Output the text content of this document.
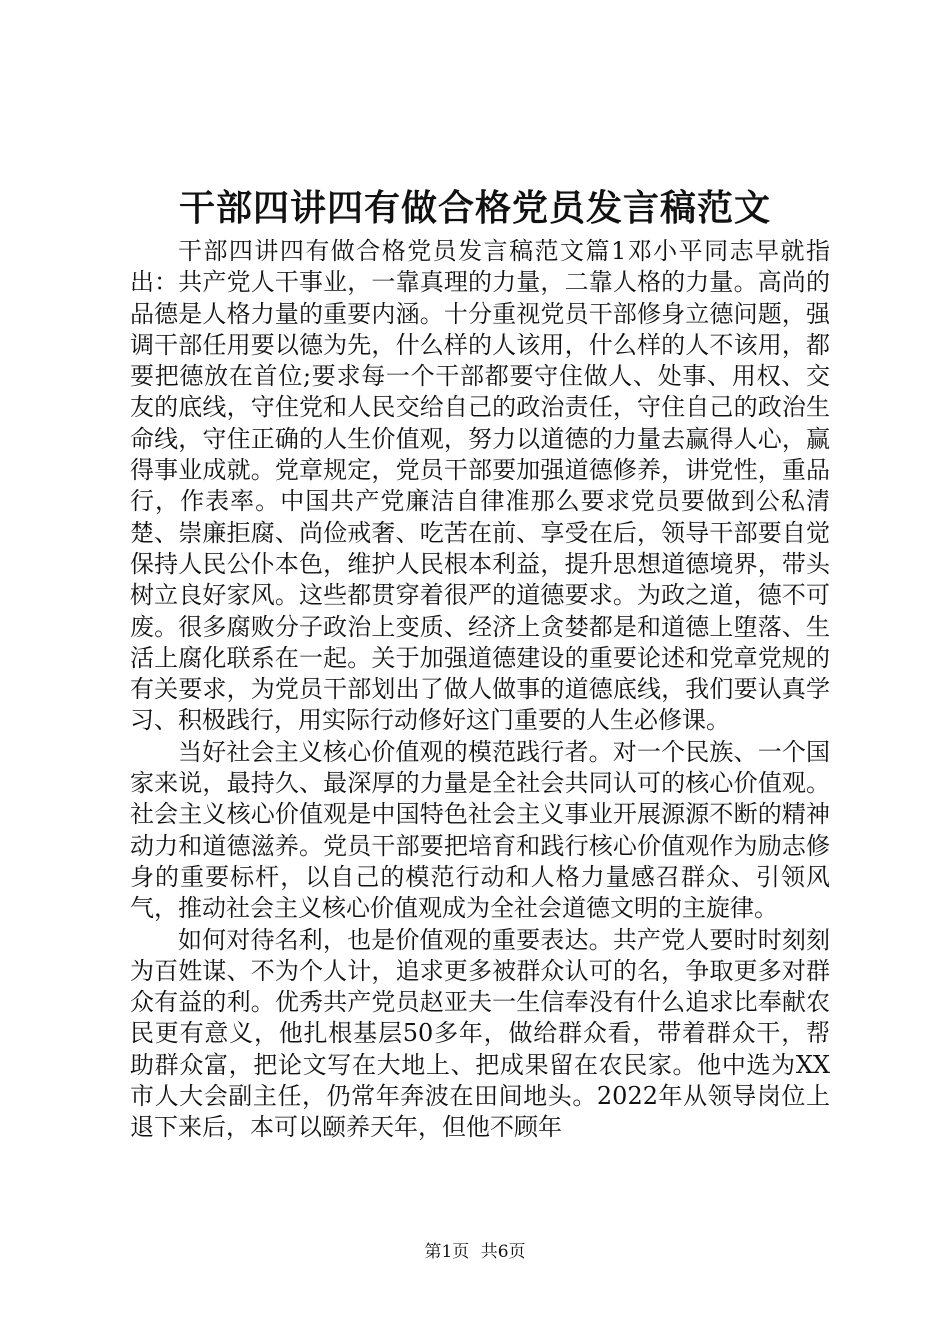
干部四讲四有做合格党员发言稿范文

干部四讲四有做合格党员发言稿范文篇1邓小平同志早就指出：共产党人干事业，一靠真理的力量，二靠人格的力量。高尚的品德是人格力量的重要内涵。十分重视党员干部修身立德问题，强调干部任用要以德为先，什么样的人该用，什么样的人不该用，都要把德放在首位;要求每一个干部都要守住做人、处事、用权、交友的底线，守住党和人民交给自己的政治责任，守住自己的政治生命线，守住正确的人生价值观，努力以道德的力量去赢得人心，赢得事业成就。党章规定，党员干部要加强道德修养，讲党性，重品行，作表率。中国共产党廉洁自律准那么要求党员要做到公私清楚、崇廉拒腐、尚俭戒奢、吃苦在前、享受在后，领导干部要自觉保持人民公仆本色，维护人民根本利益，提升思想道德境界，带头树立良好家风。这些都贯穿着很严的道德要求。为政之道，德不可废。很多腐败分子政治上变质、经济上贪婪都是和道德上堕落、生活上腐化联系在一起。关于加强道德建设的重要论述和党章党规的有关要求，为党员干部划出了做人做事的道德底线，我们要认真学习、积极践行，用实际行动修好这门重要的人生必修课。

当好社会主义核心价值观的模范践行者。对一个民族、一个国家来说，最持久、最深厚的力量是全社会共同认可的核心价值观。社会主义核心价值观是中国特色社会主义事业开展源源不断的精神动力和道德滋养。党员干部要把培育和践行核心价值观作为励志修身的重要标杆，以自己的模范行动和人格力量感召群众、引领风气，推动社会主义核心价值观成为全社会道德文明的主旋律。

如何对待名利，也是价值观的重要表达。共产党人要时时刻刻为百姓谋、不为个人计，追求更多被群众认可的名，争取更多对群众有益的利。优秀共产党员赵亚夫一生信奉没有什么追求比奉献农民更有意义，他扎根基层50多年，做给群众看，带着群众干，帮助群众富，把论文写在大地上、把成果留在农民家。他中选为XX市人大会副主任，仍常年奔波在田间地头。2022年从领导岗位上退下来后，本可以颐养天年，但他不顾年

第1页 共6页
